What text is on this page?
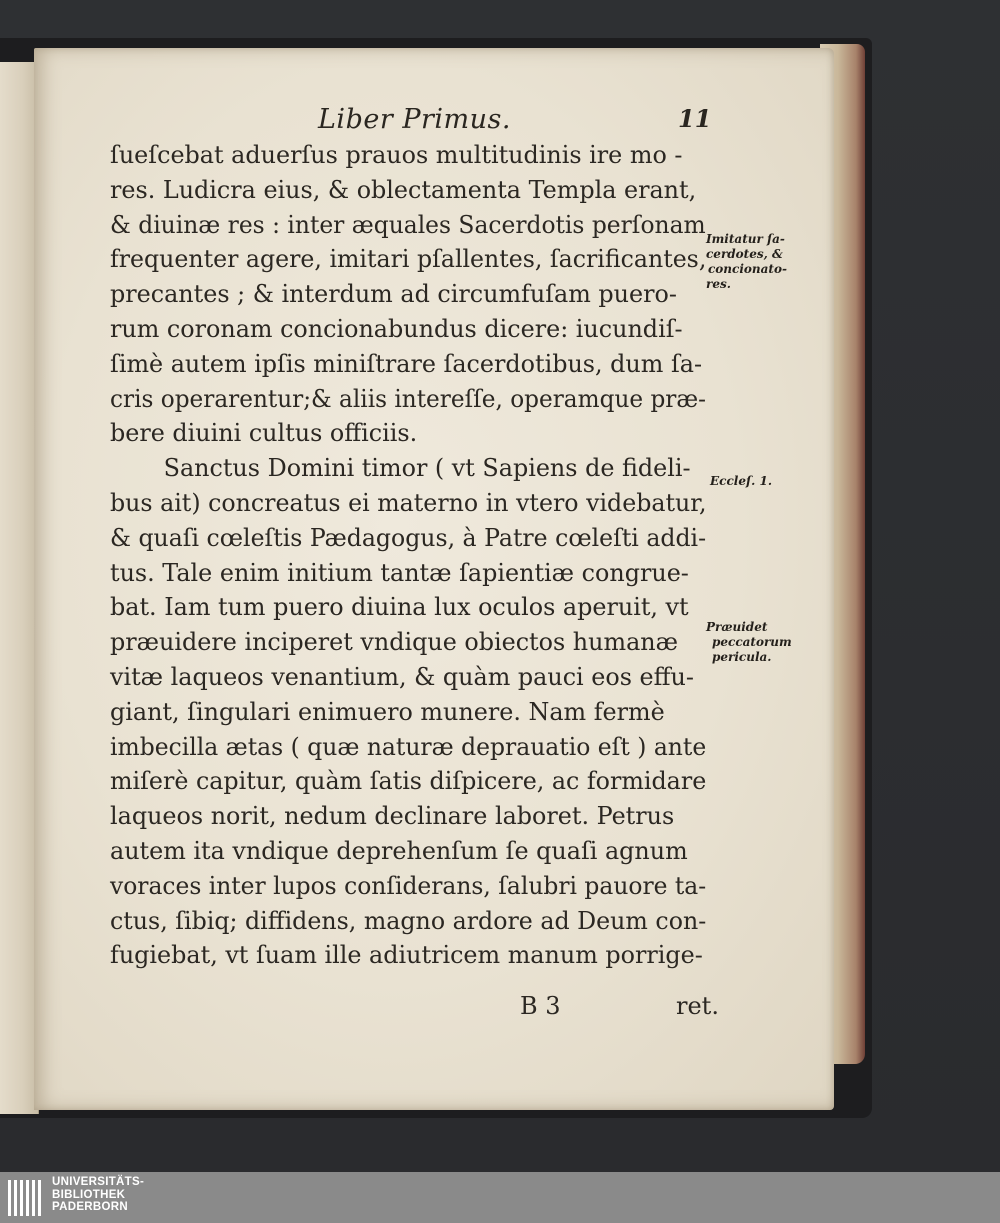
Liber Primus.	11
ſueſcebat aduerſus prauos multitudinis ire mo -
res. Ludicra eius, & oblectamenta Templa erant,
& diuinæ res : inter æquales Sacerdotis perſonam
frequenter agere, imitari pſallentes, ſacrificantes,
precantes ; & interdum ad circumfuſam puero-
rum coronam concionabundus dicere: iucundiſ-
ſimè autem ipſis miniſtrare ſacerdotibus, dum ſa-
cris operarentur;& aliis intereſſe, operamque præ-
bere diuini cultus officiis.
Sanctus Domini timor ( vt Sapiens de fideli-
bus ait) concreatus ei materno in vtero videbatur,
& quaſi cœleſtis Pædagogus, à Patre cœleſti addi-
tus. Tale enim initium tantæ ſapientiæ congrue-
bat. Iam tum puero diuina lux oculos aperuit, vt
præuidere inciperet vndique obiectos humanæ
vitæ laqueos venantium, & quàm pauci eos effu-
giant, ſingulari enimuero munere. Nam fermè
imbecilla ætas ( quæ naturæ deprauatio eſt ) ante
miſerè capitur, quàm ſatis diſpicere, ac formidare
laqueos norit, nedum declinare laboret. Petrus
autem ita vndique deprehenſum ſe quaſi agnum
voraces inter lupos conſiderans, ſalubri pauore ta-
ctus, ſibiq; diffidens, magno ardore ad Deum con-
fugiebat, vt ſuam ille adiutricem manum porrige-
Imitatur ſa-
cerdotes, &
concionato-
res.
Eccleſ. 1.
Præuidet
peccatorum
pericula.
B 3	ret.
UNIVERSITÄTS-
BIBLIOTHEK
PADERBORN
